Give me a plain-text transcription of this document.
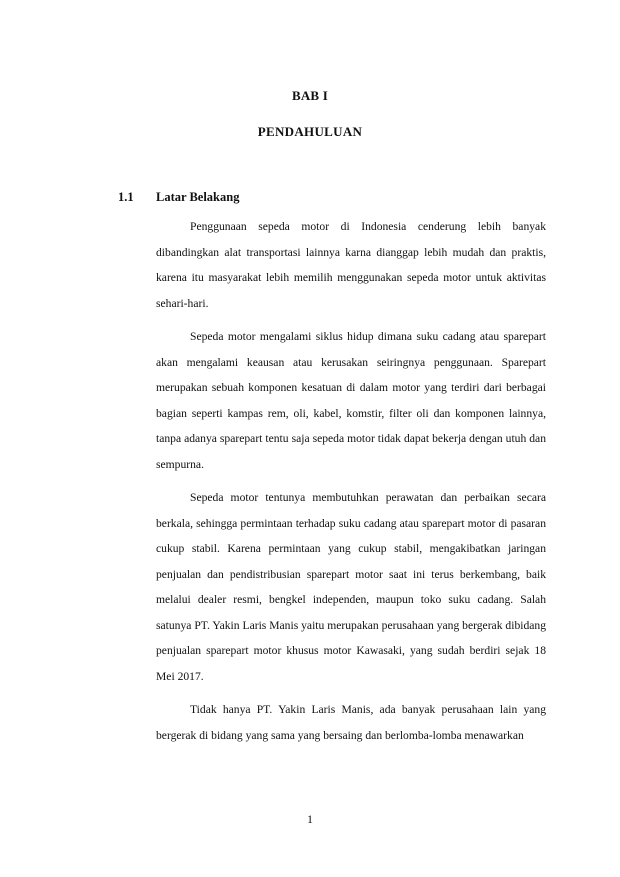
BAB I
PENDAHULUAN
1.1 Latar Belakang

Penggunaan sepeda motor di Indonesia cenderung lebih banyak dibandingkan alat transportasi lainnya karna dianggap lebih mudah dan praktis, karena itu masyarakat lebih memilih menggunakan sepeda motor untuk aktivitas sehari-hari.

Sepeda motor mengalami siklus hidup dimana suku cadang atau sparepart akan mengalami keausan atau kerusakan seiringnya penggunaan. Sparepart merupakan sebuah komponen kesatuan di dalam motor yang terdiri dari berbagai bagian seperti kampas rem, oli, kabel, komstir, filter oli dan komponen lainnya, tanpa adanya sparepart tentu saja sepeda motor tidak dapat bekerja dengan utuh dan sempurna.

Sepeda motor tentunya membutuhkan perawatan dan perbaikan secara berkala, sehingga permintaan terhadap suku cadang atau sparepart motor di pasaran cukup stabil. Karena permintaan yang cukup stabil, mengakibatkan jaringan penjualan dan pendistribusian sparepart motor saat ini terus berkembang, baik melalui dealer resmi, bengkel independen, maupun toko suku cadang. Salah satunya PT. Yakin Laris Manis yaitu merupakan perusahaan yang bergerak dibidang penjualan sparepart motor khusus motor Kawasaki, yang sudah berdiri sejak 18 Mei 2017.

Tidak hanya PT. Yakin Laris Manis, ada banyak perusahaan lain yang bergerak di bidang yang sama yang bersaing dan berlomba-lomba menawarkan

1
